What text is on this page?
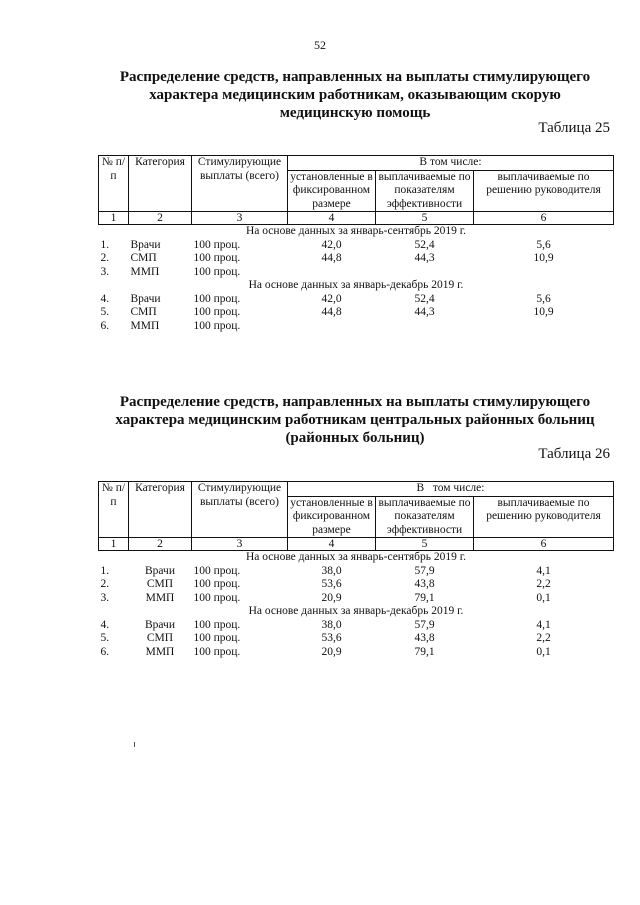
52
Распределение средств, направленных на выплаты стимулирующего характера медицинским работникам, оказывающим скорую медицинскую помощь
Таблица 25
№ п/п	Категория	Стимулирующие выплаты (всего)	В том числе:		
			установленные в фиксированном размере	выплачиваемые по показателям эффективности	выплачиваемые по решению руководителя
1	2	3	4	5	6
На основе данных за январь-сентябрь 2019 г.					
1.	Врачи	100 проц.	42,0	52,4	5,6
2.	СМП	100 проц.	44,8	44,3	10,9
3.	ММП	100 проц.			
На основе данных за январь-декабрь 2019 г.					
4.	Врачи	100 проц.	42,0	52,4	5,6
5.	СМП	100 проц.	44,8	44,3	10,9
6.	ММП	100 проц.			
Распределение средств, направленных на выплаты стимулирующего характера медицинским работникам центральных районных больниц (районных больниц)
Таблица 26
№ п/п	Категория	Стимулирующие выплаты (всего)	В   том числе:		
			установленные в фиксированном размере	выплачиваемые по показателям эффективности	выплачиваемые по решению руководителя
1	2	3	4	5	6
На основе данных за январь-сентябрь 2019 г.					
1.	Врачи	100 проц.	38,0	57,9	4,1
2.	СМП	100 проц.	53,6	43,8	2,2
3.	ММП	100 проц.	20,9	79,1	0,1
На основе данных за январь-декабрь 2019 г.					
4.	Врачи	100 проц.	38,0	57,9	4,1
5.	СМП	100 проц.	53,6	43,8	2,2
6.	ММП	100 проц.	20,9	79,1	0,1
